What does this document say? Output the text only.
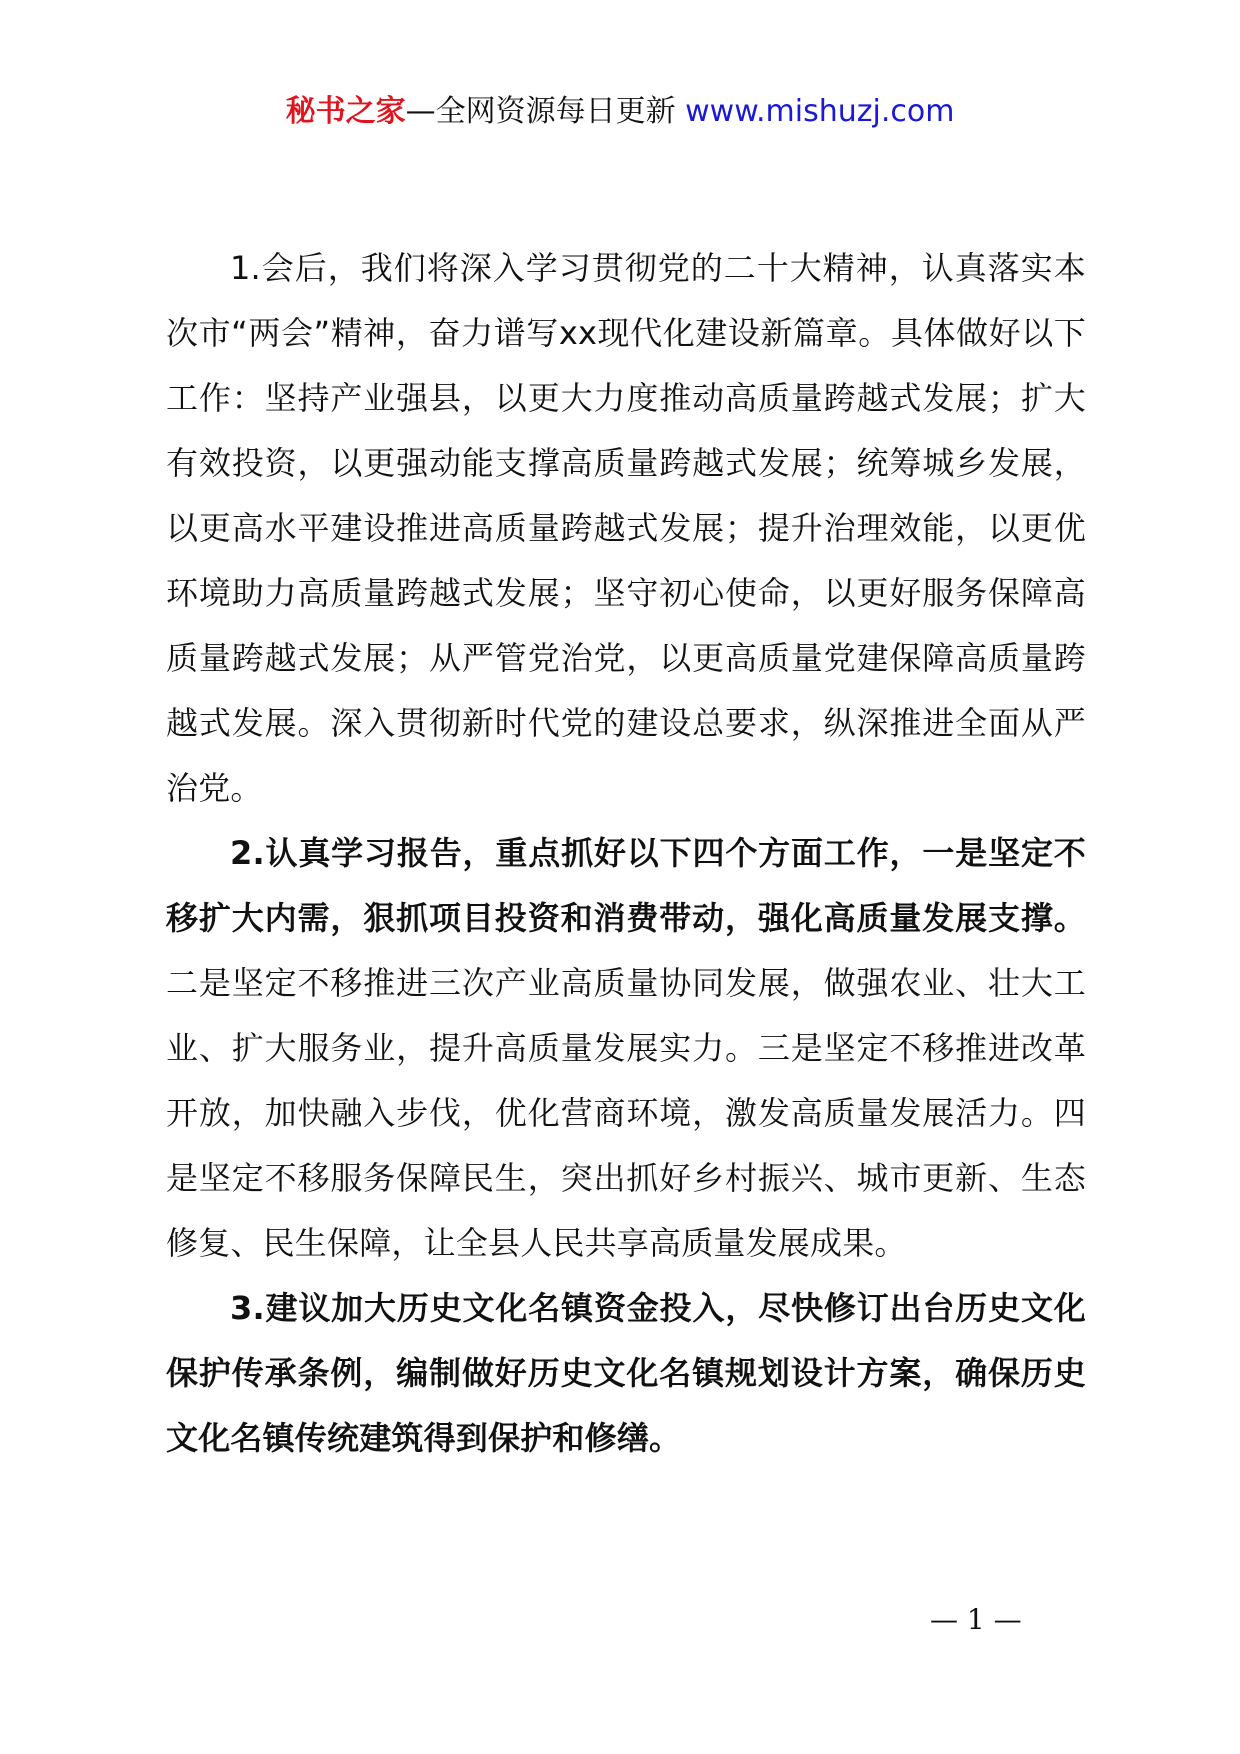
秘书之家—全网资源每日更新 www.mishuzj.com

1.会后，我们将深入学习贯彻党的二十大精神，认真落实本次市“两会”精神，奋力谱写xx现代化建设新篇章。具体做好以下工作：坚持产业强县，以更大力度推动高质量跨越式发展；扩大有效投资，以更强动能支撑高质量跨越式发展；统筹城乡发展，以更高水平建设推进高质量跨越式发展；提升治理效能，以更优环境助力高质量跨越式发展；坚守初心使命，以更好服务保障高质量跨越式发展；从严管党治党，以更高质量党建保障高质量跨越式发展。深入贯彻新时代党的建设总要求，纵深推进全面从严治党。

2.认真学习报告，重点抓好以下四个方面工作，一是坚定不移扩大内需，狠抓项目投资和消费带动，强化高质量发展支撑。二是坚定不移推进三次产业高质量协同发展，做强农业、壮大工业、扩大服务业，提升高质量发展实力。三是坚定不移推进改革开放，加快融入步伐，优化营商环境，激发高质量发展活力。四是坚定不移服务保障民生，突出抓好乡村振兴、城市更新、生态修复、民生保障，让全县人民共享高质量发展成果。

3.建议加大历史文化名镇资金投入，尽快修订出台历史文化保护传承条例，编制做好历史文化名镇规划设计方案，确保历史文化名镇传统建筑得到保护和修缮。

— 1 —
